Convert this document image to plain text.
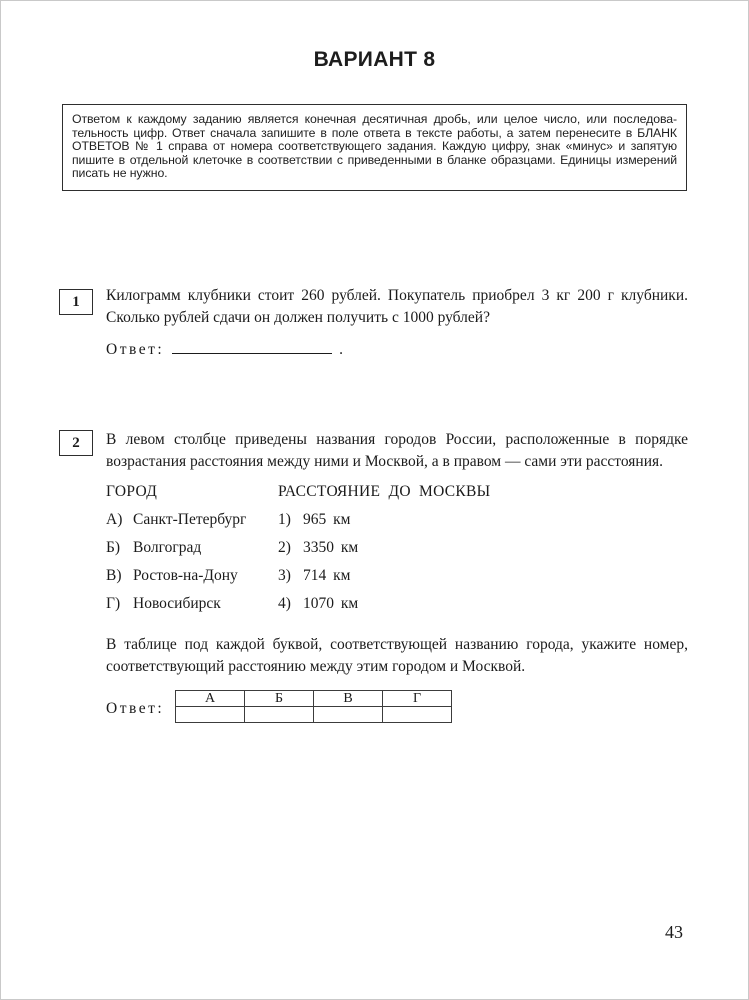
ВАРИАНТ 8
Ответом к каждому заданию является конечная десятичная дробь, или целое число, или последова-
тельность цифр. Ответ сначала запишите в поле ответа в тексте работы, а затем перенесите в БЛАНК
ОТВЕТОВ № 1 справа от номера соответствующего задания. Каждую цифру, знак «минус» и запятую
пишите в отдельной клеточке в соответствии с приведенными в бланке образцами. Единицы измерений
писать не нужно.
1	Килограмм клубники стоит 260 рублей. Покупатель приобрел 3 кг 200 г клубники.
Сколько рублей сдачи он должен получить с 1000 рублей?
Ответ:	.
2	В левом столбце приведены названия городов России, расположенные в порядке
возрастания расстояния между ними и Москвой, а в правом — сами эти расстояния.
ГОРОД	РАССТОЯНИЕ ДО МОСКВЫ
А) Санкт-Петербург 1) 965 км
Б) Волгоград	2) 3350 км
В) Ростов-на-Дону	3) 714 км
Г) Новосибирск	4) 1070 км
В таблице под каждой буквой, соответствующей названию города, укажите номер,
соответствующий расстоянию между этим городом и Москвой.
Ответ:
А	Б	В	Г

43
